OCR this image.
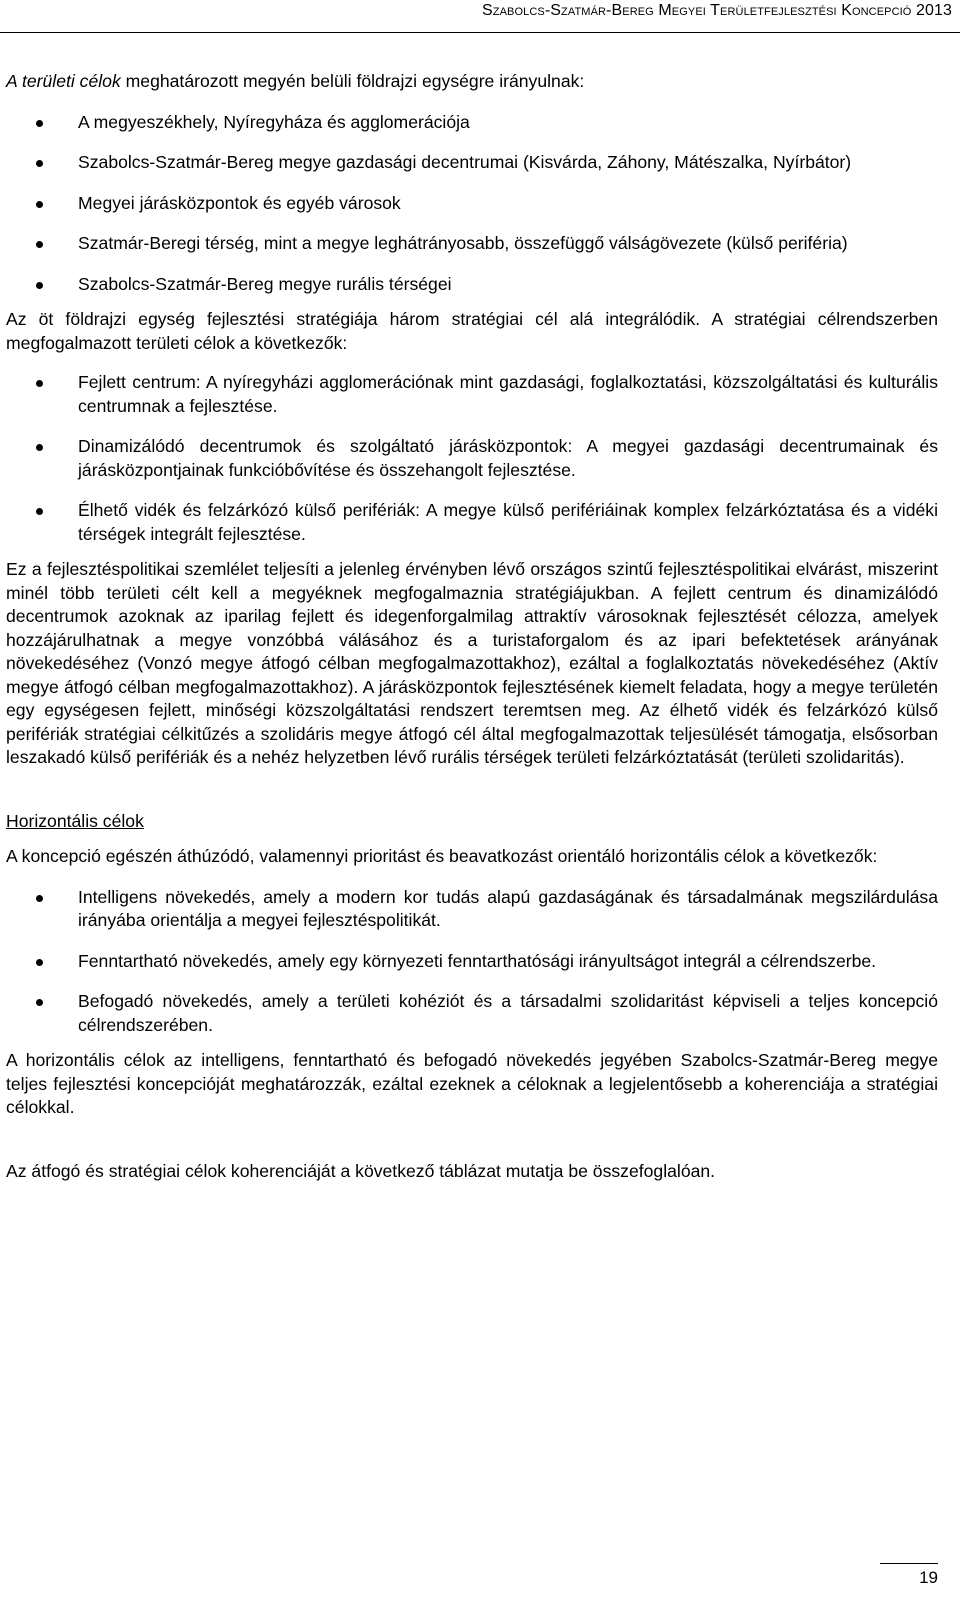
Szabolcs-Szatmár-Bereg Megyei Területfejlesztési Koncepció 2013

A területi célok meghatározott megyén belüli földrajzi egységre irányulnak:

A megyeszékhely, Nyíregyháza és agglomerációja
Szabolcs-Szatmár-Bereg megye gazdasági decentrumai (Kisvárda, Záhony, Mátészalka, Nyírbátor)
Megyei járásközpontok és egyéb városok
Szatmár-Beregi térség, mint a megye leghátrányosabb, összefüggő válságövezete (külső periféria)
Szabolcs-Szatmár-Bereg megye rurális térségei

Az öt földrajzi egység fejlesztési stratégiája három stratégiai cél alá integrálódik. A stratégiai célrendszerben megfogalmazott területi célok a következők:

Fejlett centrum: A nyíregyházi agglomerációnak mint gazdasági, foglalkoztatási, közszolgáltatási és kulturális centrumnak a fejlesztése.
Dinamizálódó decentrumok és szolgáltató járásközpontok: A megyei gazdasági decentrumainak és járásközpontjainak funkcióbővítése és összehangolt fejlesztése.
Élhető vidék és felzárkózó külső perifériák: A megye külső perifériáinak komplex felzárkóztatása és a vidéki térségek integrált fejlesztése.

Ez a fejlesztéspolitikai szemlélet teljesíti a jelenleg érvényben lévő országos szintű fejlesztéspolitikai elvárást, miszerint minél több területi célt kell a megyéknek megfogalmaznia stratégiájukban. A fejlett centrum és dinamizálódó decentrumok azoknak az iparilag fejlett és idegenforgalmilag attraktív városoknak fejlesztését célozza, amelyek hozzájárulhatnak a megye vonzóbbá válásához és a turistaforgalom és az ipari befektetések arányának növekedéséhez (Vonzó megye átfogó célban megfogalmazottakhoz), ezáltal a foglalkoztatás növekedéséhez (Aktív megye átfogó célban megfogalmazottakhoz). A járásközpontok fejlesztésének kiemelt feladata, hogy a megye területén egy egységesen fejlett, minőségi közszolgáltatási rendszert teremtsen meg. Az élhető vidék és felzárkózó külső perifériák stratégiai célkitűzés a szolidáris megye átfogó cél által megfogalmazottak teljesülését támogatja, elsősorban leszakadó külső perifériák és a nehéz helyzetben lévő rurális térségek területi felzárkóztatását (területi szolidaritás).

Horizontális célok

A koncepció egészén áthúzódó, valamennyi prioritást és beavatkozást orientáló horizontális célok a következők:

Intelligens növekedés, amely a modern kor tudás alapú gazdaságának és társadalmának megszilárdulása irányába orientálja a megyei fejlesztéspolitikát.
Fenntartható növekedés, amely egy környezeti fenntarthatósági irányultságot integrál a célrendszerbe.
Befogadó növekedés, amely a területi kohéziót és a társadalmi szolidaritást képviseli a teljes koncepció célrendszerében.

A horizontális célok az intelligens, fenntartható és befogadó növekedés jegyében Szabolcs-Szatmár-Bereg megye teljes fejlesztési koncepcióját meghatározzák, ezáltal ezeknek a céloknak a legjelentősebb a koherenciája a stratégiai célokkal.

Az átfogó és stratégiai célok koherenciáját a következő táblázat mutatja be összefoglalóan.

19
